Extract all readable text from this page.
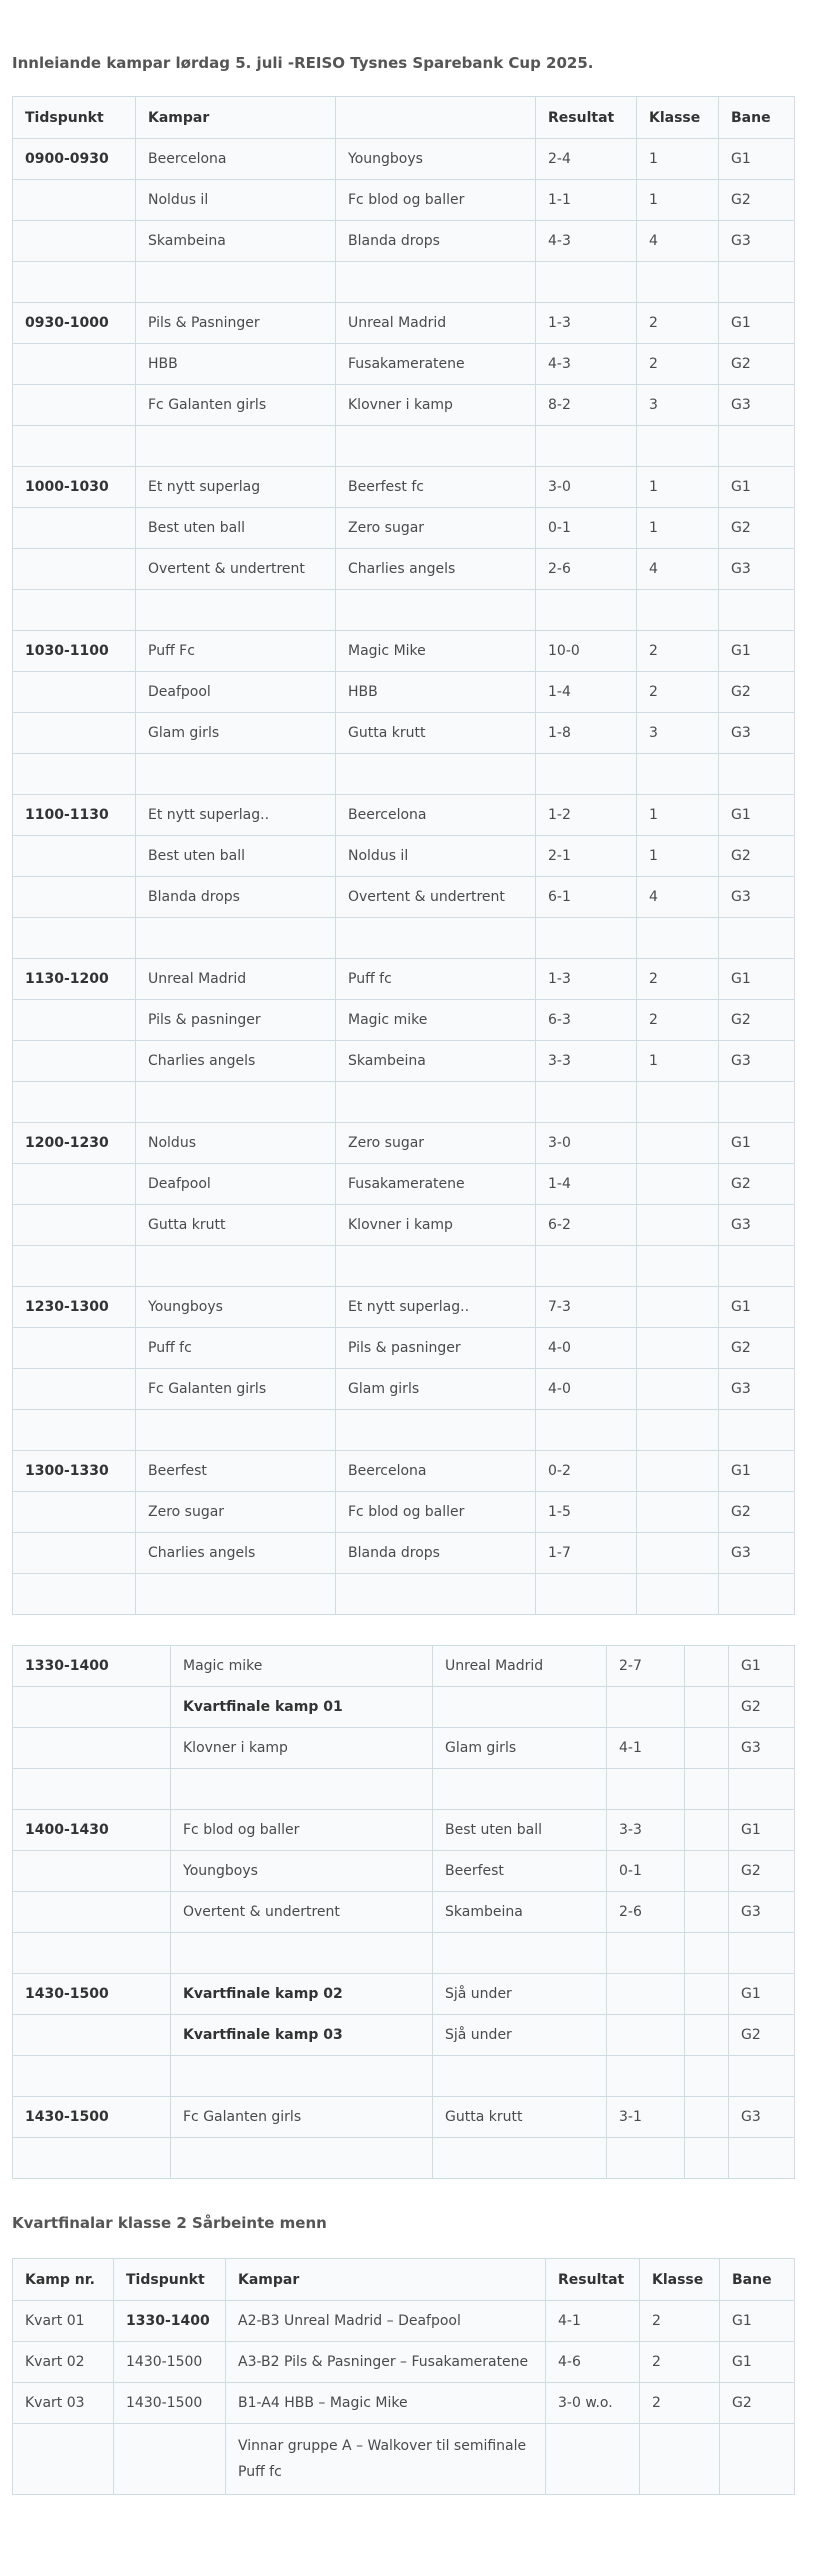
Innleiande kampar lørdag 5. juli -REISO Tysnes Sparebank Cup 2025.
Tidspunkt	Kampar		Resultat	Klasse	Bane
0900-0930	Beercelona	Youngboys	2-4	1	G1
	Noldus il	Fc blod og baller	1-1	1	G2
	Skambeina	Blanda drops	4-3	4	G3

0930-1000	Pils & Pasninger	Unreal Madrid	1-3	2	G1
	HBB	Fusakameratene	4-3	2	G2
	Fc Galanten girls	Klovner i kamp	8-2	3	G3

1000-1030	Et nytt superlag	Beerfest fc	3-0	1	G1
	Best uten ball	Zero sugar	0-1	1	G2
	Overtent & undertrent	Charlies angels	2-6	4	G3

1030-1100	Puff Fc	Magic Mike	10-0	2	G1
	Deafpool	HBB	1-4	2	G2
	Glam girls	Gutta krutt	1-8	3	G3

1100-1130	Et nytt superlag..	Beercelona	1-2	1	G1
	Best uten ball	Noldus il	2-1	1	G2
	Blanda drops	Overtent & undertrent	6-1	4	G3

1130-1200	Unreal Madrid	Puff fc	1-3	2	G1
	Pils & pasninger	Magic mike	6-3	2	G2
	Charlies angels	Skambeina	3-3	1	G3

1200-1230	Noldus	Zero sugar	3-0		G1
	Deafpool	Fusakameratene	1-4		G2
	Gutta krutt	Klovner i kamp	6-2		G3

1230-1300	Youngboys	Et nytt superlag..	7-3		G1
	Puff fc	Pils & pasninger	4-0		G2
	Fc Galanten girls	Glam girls	4-0		G3

1300-1330	Beerfest	Beercelona	0-2		G1
	Zero sugar	Fc blod og baller	1-5		G2
	Charlies angels	Blanda drops	1-7		G3

1330-1400	Magic mike	Unreal Madrid	2-7		G1
	Kvartfinale kamp 01				G2
	Klovner i kamp	Glam girls	4-1		G3

1400-1430	Fc blod og baller	Best uten ball	3-3		G1
	Youngboys	Beerfest	0-1		G2
	Overtent & undertrent	Skambeina	2-6		G3

1430-1500	Kvartfinale kamp 02	Sjå under			G1
	Kvartfinale kamp 03	Sjå under			G2

1430-1500	Fc Galanten girls	Gutta krutt	3-1		G3

Kvartfinalar klasse 2 Sårbeinte menn
Kamp nr.	Tidspunkt	Kampar	Resultat	Klasse	Bane
Kvart 01	1330-1400	A2-B3 Unreal Madrid – Deafpool	4-1	2	G1
Kvart 02	1430-1500	A3-B2 Pils & Pasninger – Fusakameratene	4-6	2	G1
Kvart 03	1430-1500	B1-A4 HBB – Magic Mike	3-0 w.o.	2	G2
		Vinnar gruppe A – Walkover til semifinale
Puff fc			
